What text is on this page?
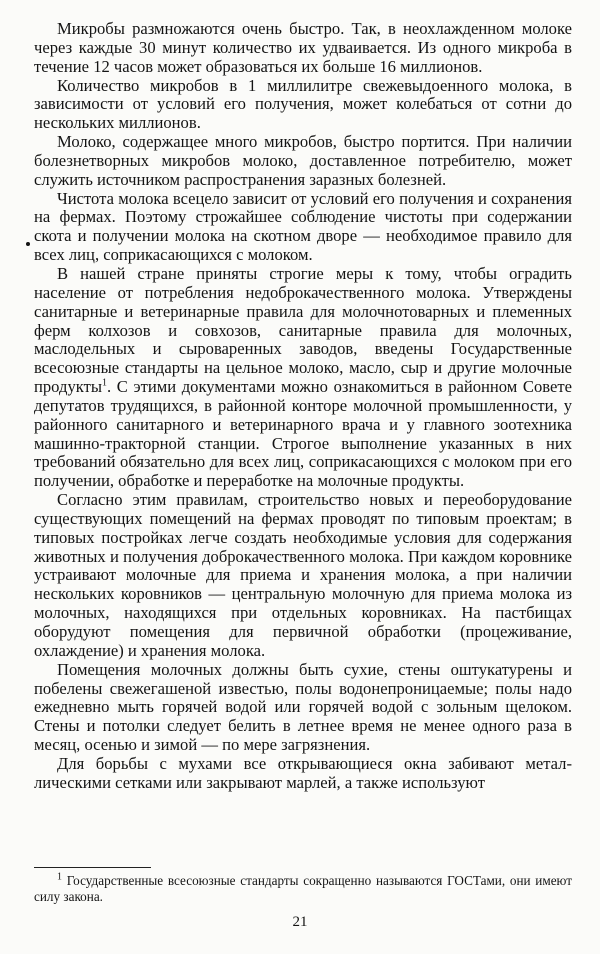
Микробы размножаются очень быстро. Так, в неохлажденном молоке через каждые 30 минут количество их удваивается. Из одного микроба в течение 12 часов может образоваться их больше 16 миллионов.

Количество микробов в 1 миллилитре свежевыдоенного молока, в зависимости от условий его получения, может колебаться от сотни до нескольких миллионов.

Молоко, содержащее много микробов, быстро портится. При наличии болезнетворных микробов молоко, доставленное потребителю, может служить источником распространения заразных болезней.

Чистота молока всецело зависит от условий его получения и сохранения на фермах. Поэтому строжайшее соблюдение чистоты при содержании скота и получении молока на скотном дворе — необходимое правило для всех лиц, соприкасающихся с молоком.

В нашей стране приняты строгие меры к тому, чтобы оградить население от потребления недоброкачественного молока. Утверждены санитарные и ветеринарные правила для молочнотоварных и племенных ферм колхозов и совхозов, санитарные правила для молочных, маслодельных и сыроваренных заводов, введены Государственные всесоюзные стандарты на цельное молоко, масло, сыр и другие молочные продукты$^1$. С этими документами можно ознакомиться в районном Совете депутатов трудящихся, в районной конторе молочной промышленности, у районного санитарного и ветеринарного врача и у главного зоотехника машинно-тракторной станции. Строгое выполнение указанных в них требований обязательно для всех лиц, соприкасающихся с молоком при его получении, обработке и переработке на молочные продукты.

Согласно этим правилам, строительство новых и переоборудование существующих помещений на фермах проводят по типовым проектам; в типовых постройках легче создать необходимые условия для содержания животных и получения доброкачественного молока. При каждом коровнике устраивают молочные для приема и хранения молока, а при наличии нескольких коровников — центральную молочную для приема молока из молочных, находящихся при отдельных коровниках. На пастбищах оборудуют помещения для первичной обработки (процеживание, охлаждение) и хранения молока.

Помещения молочных должны быть сухие, стены оштукатурены и побелены свежегашеной известью, полы водонепроницаемые; полы надо ежедневно мыть горячей водой или горячей водой с зольным щелоком. Стены и потолки следует белить в летнее время не менее одного раза в месяц, осенью и зимой — по мере загрязнения.

Для борьбы с мухами все открывающиеся окна забивают металлическими сетками или закрывают марлей, а также используют

$^1$ Государственные всесоюзные стандарты сокращенно называются ГОСТами, они имеют силу закона.

21
